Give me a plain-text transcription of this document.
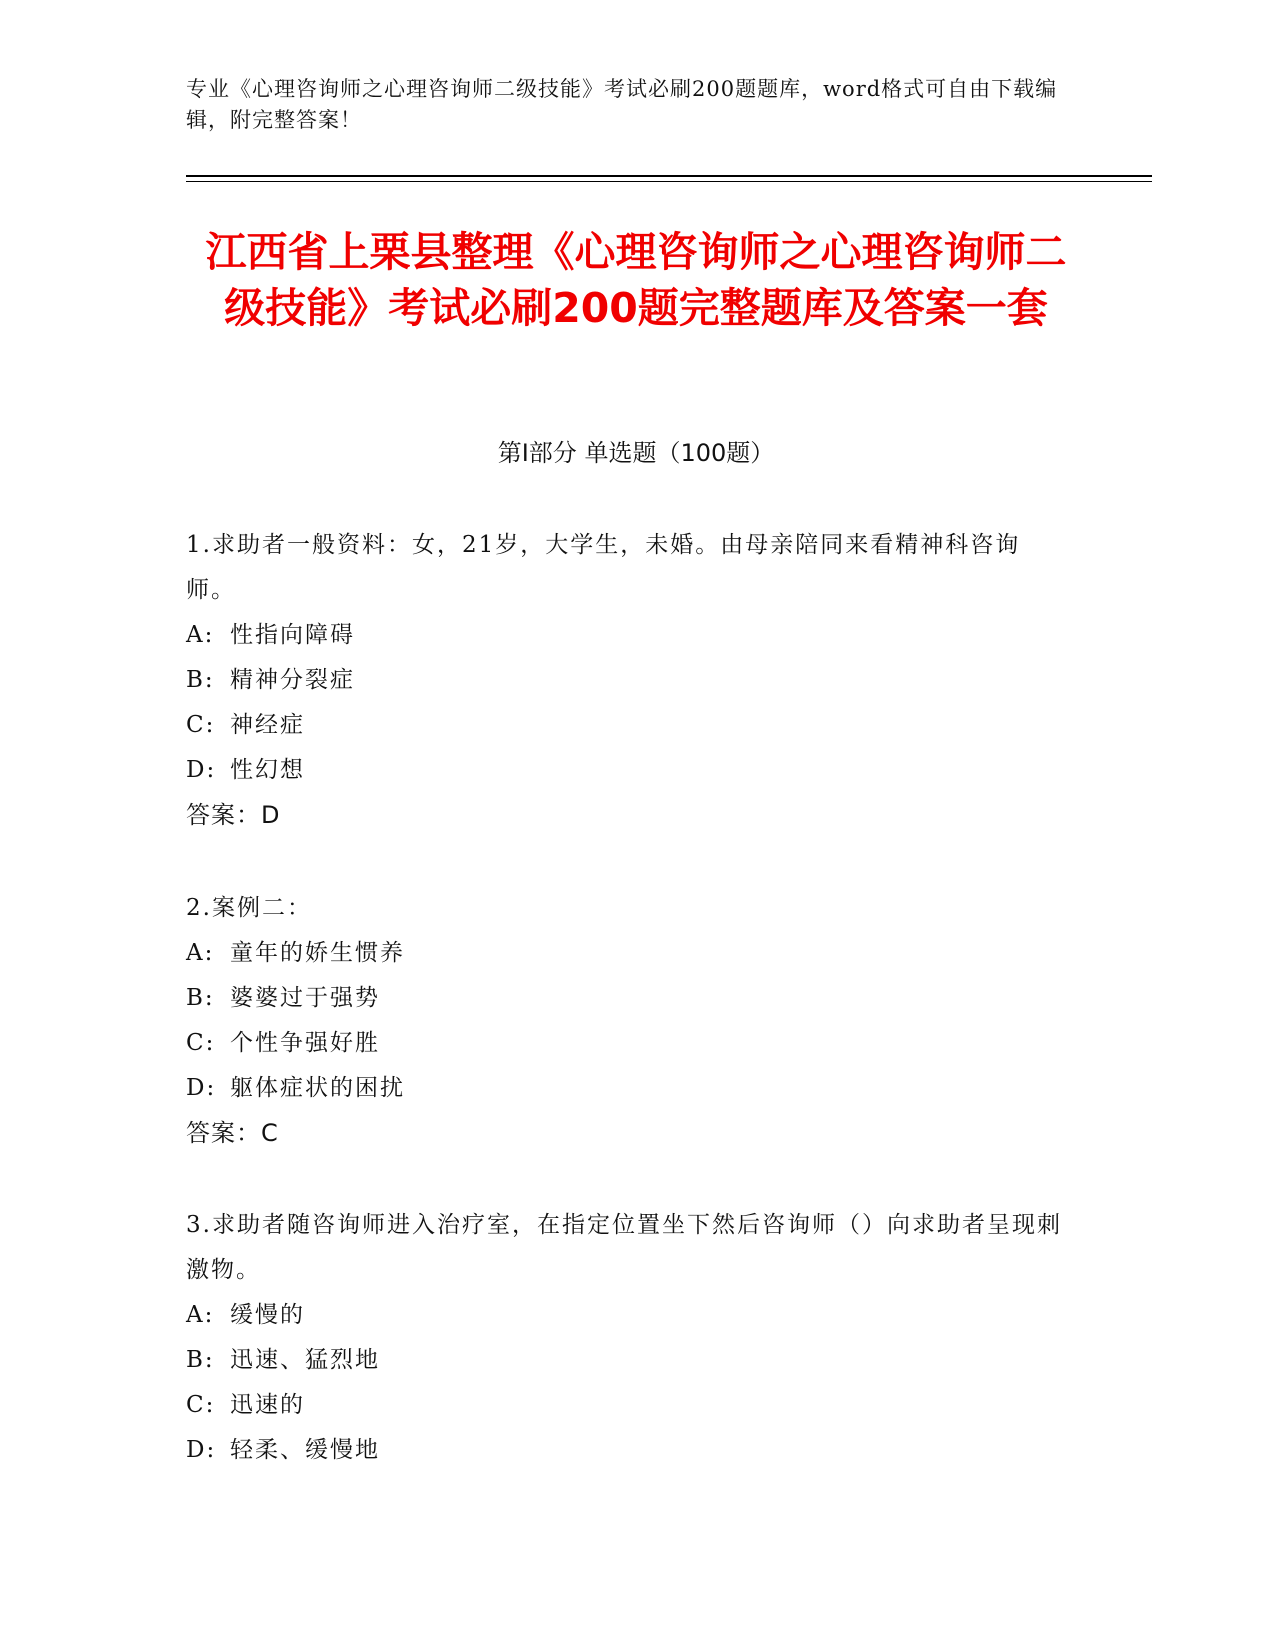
专业《心理咨询师之心理咨询师二级技能》考试必刷200题题库，word格式可自由下载编辑，附完整答案！
江西省上栗县整理《心理咨询师之心理咨询师二级技能》考试必刷200题完整题库及答案一套
第Ⅰ部分 单选题（100题）
1.求助者一般资料：女，21岁，大学生，未婚。由母亲陪同来看精神科咨询师。
A: 性指向障碍
B: 精神分裂症
C: 神经症
D: 性幻想
答案：D
2.案例二：
A: 童年的娇生惯养
B: 婆婆过于强势
C: 个性争强好胜
D: 躯体症状的困扰
答案：C
3.求助者随咨询师进入治疗室，在指定位置坐下然后咨询师（）向求助者呈现刺激物。
A: 缓慢的
B: 迅速、猛烈地
C: 迅速的
D: 轻柔、缓慢地
